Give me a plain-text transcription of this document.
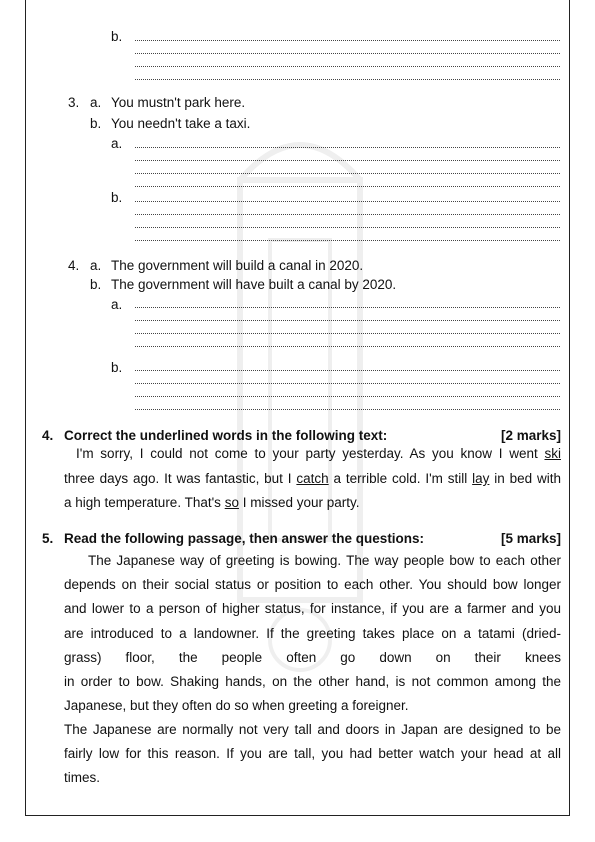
b.
3. a. You mustn't park here.
b. You needn't take a taxi.
a.
b.
4. a. The government will build a canal in 2020.
b. The government will have built a canal by 2020.
a.
b.
4. Correct the underlined words in the following text:	[2 marks]
I'm sorry, I could not come to your party yesterday. As you know I went ski
three days ago. It was fantastic, but I catch a terrible cold. I'm still lay in bed with
a high temperature. That's so I missed your party.
5. Read the following passage, then answer the questions:	[5 marks]
The Japanese way of greeting is bowing. The way people bow to each other
depends on their social status or position to each other. You should bow longer
and lower to a person of higher status, for instance, if you are a farmer and you
are introduced to a landowner. If the greeting takes place on a tatami (dried-
grass) floor, the people often go down on their knees
in order to bow. Shaking hands, on the other hand, is not common among the
Japanese, but they often do so when greeting a foreigner.
The Japanese are normally not very tall and doors in Japan are designed to be
fairly low for this reason. If you are tall, you had better watch your head at all
times.
